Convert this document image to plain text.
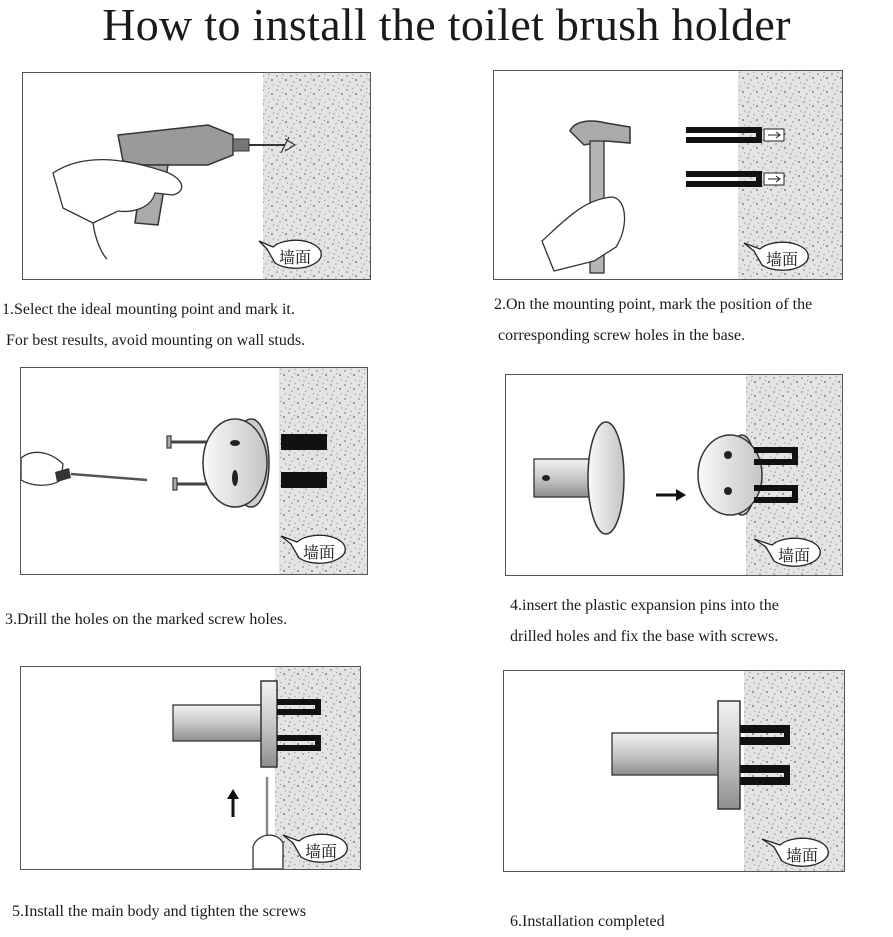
How to install the toilet brush holder
墙面
1.Select the ideal mounting point and mark it.
For best results, avoid mounting on wall studs.
墙面
2.On the mounting point, mark the position of the
corresponding screw holes in the base.
墙面
3.Drill the holes on the marked screw holes.
墙面
4.insert the plastic expansion pins into the
drilled holes and fix the base with screws.
墙面
5.Install the main body and tighten the screws
墙面
6.Installation completed
